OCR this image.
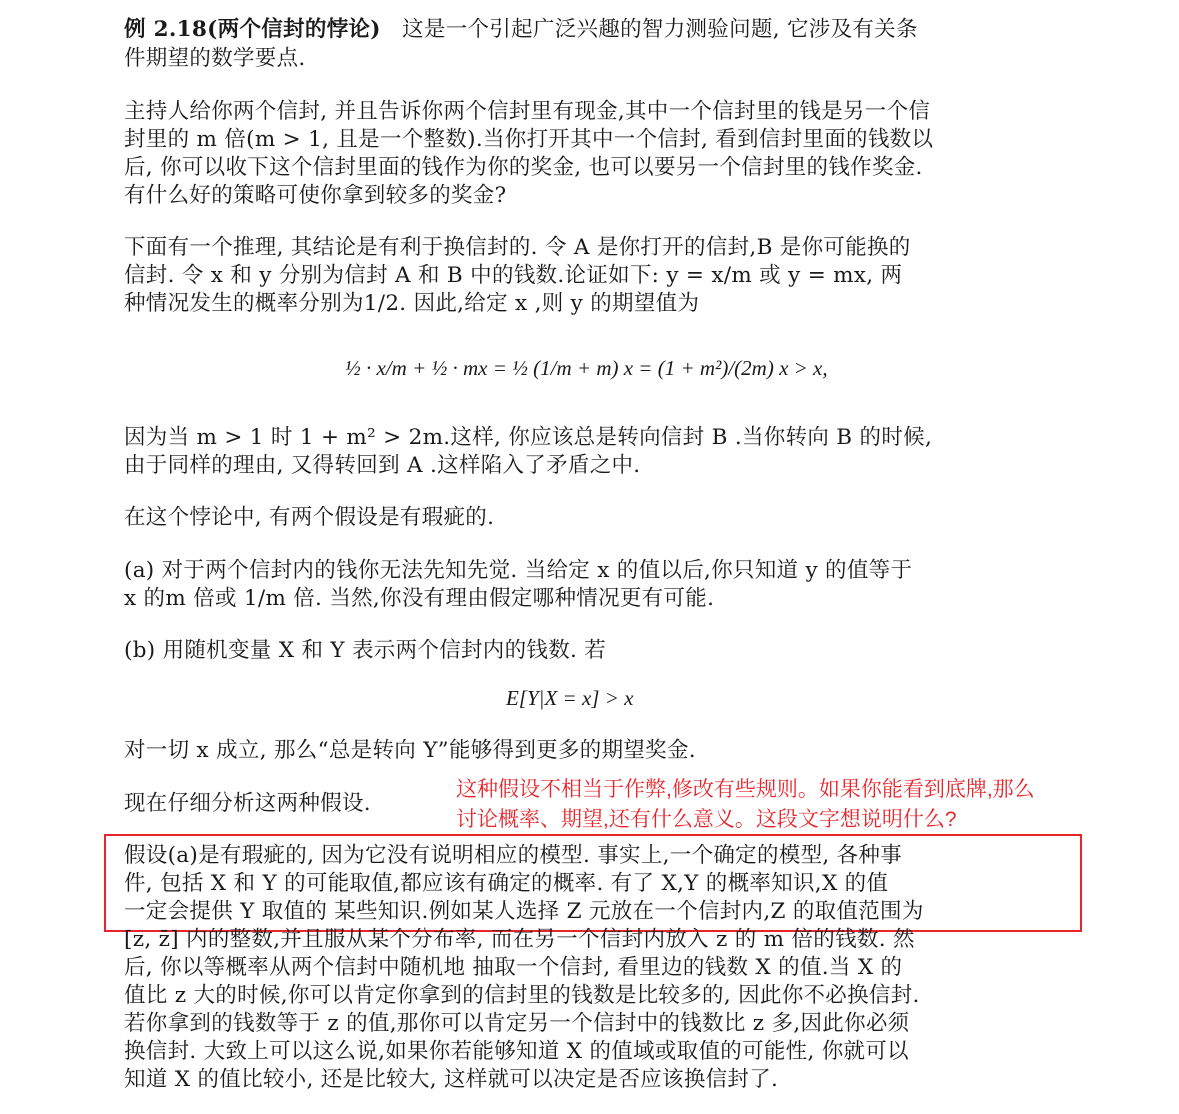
例 2.18(两个信封的悖论) 这是一个引起广泛兴趣的智力测验问题, 它涉及有关条

件期望的数学要点.

主持人给你两个信封, 并且告诉你两个信封里有现金,其中一个信封里的钱是另一个信

封里的 m 倍(m > 1, 且是一个整数).当你打开其中一个信封, 看到信封里面的钱数以

后, 你可以收下这个信封里面的钱作为你的奖金, 也可以要另一个信封里的钱作奖金.

有什么好的策略可使你拿到较多的奖金?

下面有一个推理, 其结论是有利于换信封的. 令 A 是你打开的信封,B 是你可能换的

信封. 令 x 和 y 分别为信封 A 和 B 中的钱数.论证如下: y = x/m 或 y = mx, 两

种情况发生的概率分别为1/2. 因此,给定 x ,则 y 的期望值为

½ · x/m + ½ · mx = ½ (1/m + m) x = (1 + m²)/(2m) x > x,

因为当 m > 1 时 1 + m² > 2m.这样, 你应该总是转向信封 B .当你转向 B 的时候,

由于同样的理由, 又得转回到 A .这样陷入了矛盾之中.

在这个悖论中, 有两个假设是有瑕疵的.

(a) 对于两个信封内的钱你无法先知先觉. 当给定 x 的值以后,你只知道 y 的值等于

x 的m 倍或 1/m 倍. 当然,你没有理由假定哪种情况更有可能.

(b) 用随机变量 X 和 Y 表示两个信封内的钱数. 若

E[Y|X = x] > x

对一切 x 成立, 那么“总是转向 Y”能够得到更多的期望奖金.

现在仔细分析这两种假设.

这种假设不相当于作弊,修改有些规则。如果你能看到底牌,那么

讨论概率、期望,还有什么意义。这段文字想说明什么?

假设(a)是有瑕疵的, 因为它没有说明相应的模型. 事实上,一个确定的模型, 各种事

件, 包括 X 和 Y 的可能取值,都应该有确定的概率. 有了 X,Y 的概率知识,X 的值

一定会提供 Y 取值的 某些知识.例如某人选择 Z 元放在一个信封内,Z 的取值范围为

[z, z̄] 内的整数,并且服从某个分布率, 而在另一个信封内放入 z 的 m 倍的钱数. 然

后, 你以等概率从两个信封中随机地 抽取一个信封, 看里边的钱数 X 的值.当 X 的

值比 z 大的时候,你可以肯定你拿到的信封里的钱数是比较多的, 因此你不必换信封.

若你拿到的钱数等于 z 的值,那你可以肯定另一个信封中的钱数比 z 多,因此你必须

换信封. 大致上可以这么说,如果你若能够知道 X 的值域或取值的可能性, 你就可以

知道 X 的值比较小, 还是比较大, 这样就可以决定是否应该换信封了.
